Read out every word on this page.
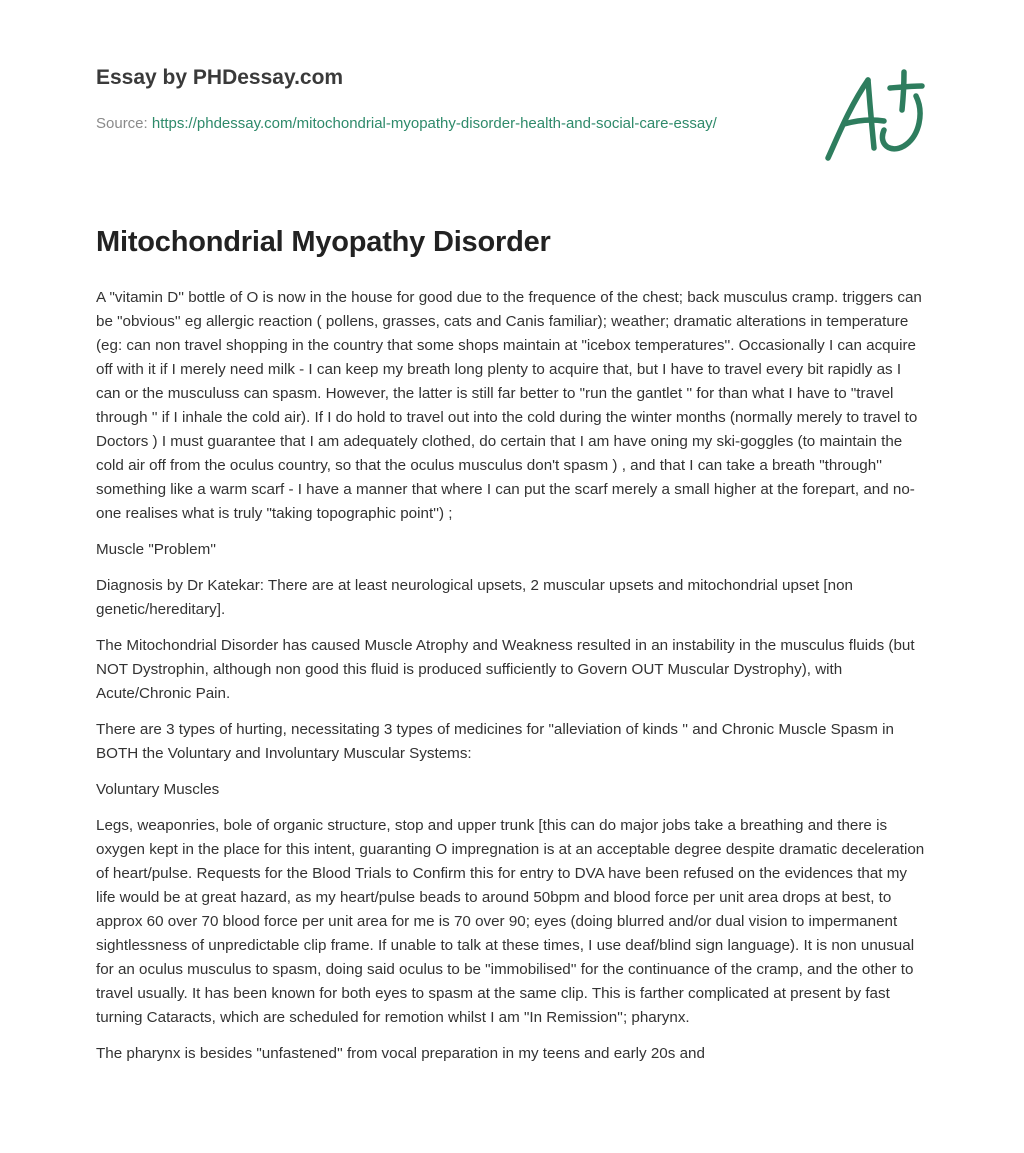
Essay by PHDessay.com
Source: https://phdessay.com/mitochondrial-myopathy-disorder-health-and-social-care-essay/
Mitochondrial Myopathy Disorder

A "vitamin D'' bottle of O is now in the house for good due to the frequence of the chest; back musculus cramp. triggers can be "obvious'' eg allergic reaction ( pollens, grasses, cats and Canis familiar); weather; dramatic alterations in temperature (eg: can non travel shopping in the country that some shops maintain at "icebox temperatures''. Occasionally I can acquire off with it if I merely need milk - I can keep my breath long plenty to acquire that, but I have to travel every bit rapidly as I can or the musculuss can spasm. However, the latter is still far better to "run the gantlet '' for than what I have to "travel through '' if I inhale the cold air). If I do hold to travel out into the cold during the winter months (normally merely to travel to Doctors ) I must guarantee that I am adequately clothed, do certain that I am have oning my ski-goggles (to maintain the cold air off from the oculus country, so that the oculus musculus don't spasm ) , and that I can take a breath "through'' something like a warm scarf - I have a manner that where I can put the scarf merely a small higher at the forepart, and no-one realises what is truly "taking topographic point'') ;

Muscle "Problem''

Diagnosis by Dr Katekar: There are at least neurological upsets, 2 muscular upsets and mitochondrial upset [non genetic/hereditary].

The Mitochondrial Disorder has caused Muscle Atrophy and Weakness resulted in an instability in the musculus fluids (but NOT Dystrophin, although non good this fluid is produced sufficiently to Govern OUT Muscular Dystrophy), with Acute/Chronic Pain.

There are 3 types of hurting, necessitating 3 types of medicines for "alleviation of kinds '' and Chronic Muscle Spasm in BOTH the Voluntary and Involuntary Muscular Systems:

Voluntary Muscles

Legs, weaponries, bole of organic structure, stop and upper trunk [this can do major jobs take a breathing and there is oxygen kept in the place for this intent, guaranting O impregnation is at an acceptable degree despite dramatic deceleration of heart/pulse. Requests for the Blood Trials to Confirm this for entry to DVA have been refused on the evidences that my life would be at great hazard, as my heart/pulse beads to around 50bpm and blood force per unit area drops at best, to approx 60 over 70 blood force per unit area for me is 70 over 90; eyes (doing blurred and/or dual vision to impermanent sightlessness of unpredictable clip frame. If unable to talk at these times, I use deaf/blind sign language). It is non unusual for an oculus musculus to spasm, doing said oculus to be "immobilised'' for the continuance of the cramp, and the other to travel usually. It has been known for both eyes to spasm at the same clip. This is farther complicated at present by fast turning Cataracts, which are scheduled for remotion whilst I am "In Remission''; pharynx.

The pharynx is besides "unfastened'' from vocal preparation in my teens and early 20s and
